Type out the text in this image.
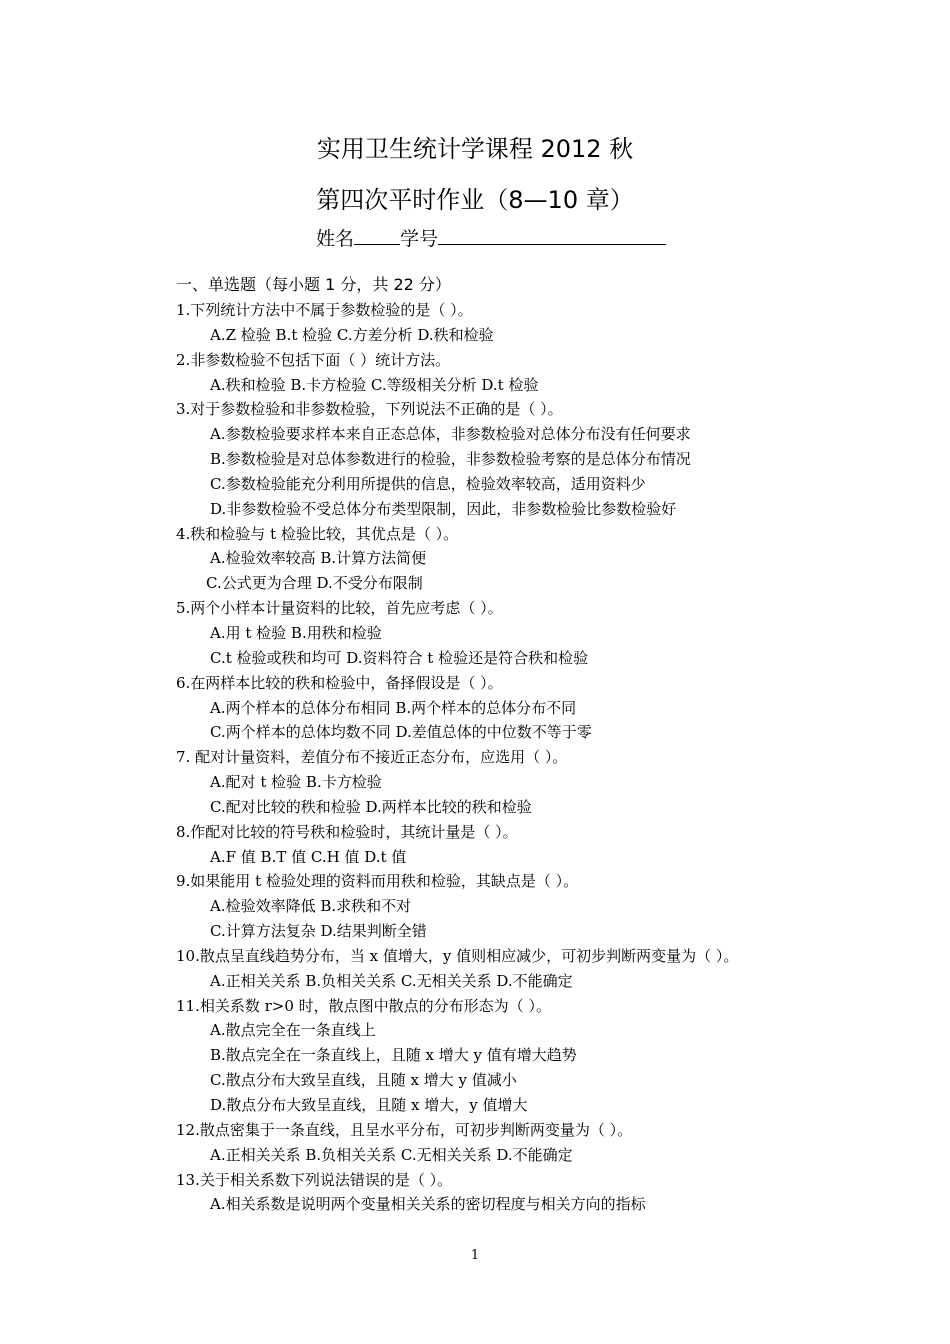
实用卫生统计学课程 2012 秋
第四次平时作业（8—10 章）
姓名 学号
一、单选题（每小题 1 分，共 22 分）
1.下列统计方法中不属于参数检验的是（ ）。
A.Z 检验 B.t 检验 C.方差分析 D.秩和检验
2.非参数检验不包括下面（ ）统计方法。
A.秩和检验 B.卡方检验 C.等级相关分析 D.t 检验
3.对于参数检验和非参数检验，下列说法不正确的是（ ）。
A.参数检验要求样本来自正态总体，非参数检验对总体分布没有任何要求
B.参数检验是对总体参数进行的检验，非参数检验考察的是总体分布情况
C.参数检验能充分利用所提供的信息，检验效率较高，适用资料少
D.非参数检验不受总体分布类型限制，因此，非参数检验比参数检验好
4.秩和检验与 t 检验比较，其优点是（ ）。
A.检验效率较高 B.计算方法简便
C.公式更为合理 D.不受分布限制
5.两个小样本计量资料的比较，首先应考虑（ ）。
A.用 t 检验 B.用秩和检验
C.t 检验或秩和均可 D.资料符合 t 检验还是符合秩和检验
6.在两样本比较的秩和检验中，备择假设是（ ）。
A.两个样本的总体分布相同 B.两个样本的总体分布不同
C.两个样本的总体均数不同 D.差值总体的中位数不等于零
7. 配对计量资料，差值分布不接近正态分布，应选用（ ）。
A.配对 t 检验 B.卡方检验
C.配对比较的秩和检验 D.两样本比较的秩和检验
8.作配对比较的符号秩和检验时，其统计量是（ ）。
A.F 值 B.T 值 C.H 值 D.t 值
9.如果能用 t 检验处理的资料而用秩和检验，其缺点是（ ）。
A.检验效率降低 B.求秩和不对
C.计算方法复杂 D.结果判断全错
10.散点呈直线趋势分布，当 x 值增大，y 值则相应减少，可初步判断两变量为（ ）。
A.正相关关系 B.负相关关系 C.无相关关系 D.不能确定
11.相关系数 r>0 时，散点图中散点的分布形态为（ ）。
A.散点完全在一条直线上
B.散点完全在一条直线上，且随 x 增大 y 值有增大趋势
C.散点分布大致呈直线，且随 x 增大 y 值减小
D.散点分布大致呈直线，且随 x 增大，y 值增大
12.散点密集于一条直线，且呈水平分布，可初步判断两变量为（ ）。
A.正相关关系 B.负相关关系 C.无相关关系 D.不能确定
13.关于相关系数下列说法错误的是（ ）。
A.相关系数是说明两个变量相关关系的密切程度与相关方向的指标
1
